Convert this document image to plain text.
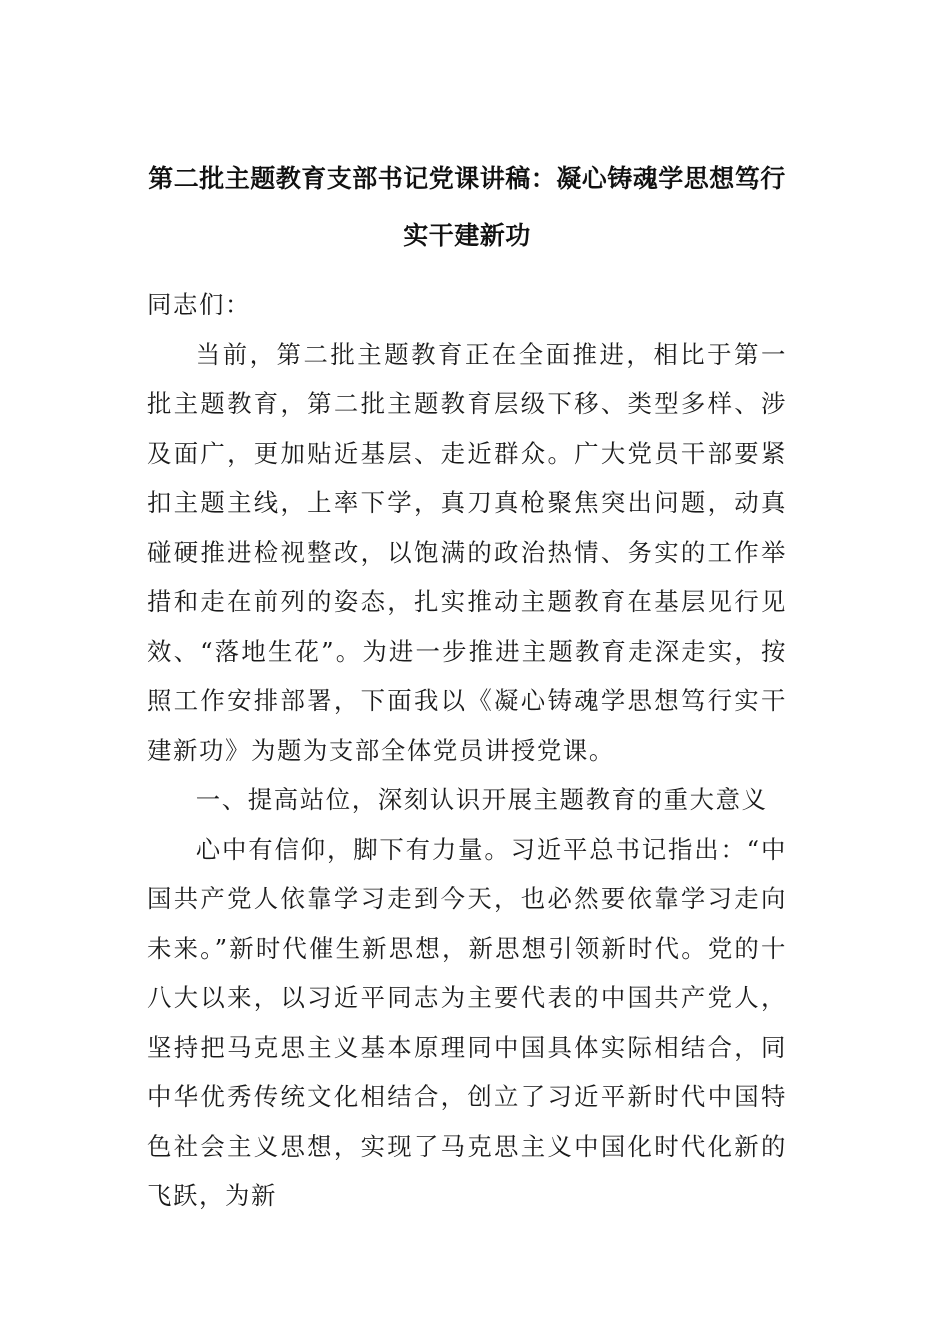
第二批主题教育支部书记党课讲稿：凝心铸魂学思想笃行实干建新功

同志们：

当前，第二批主题教育正在全面推进，相比于第一批主题教育，第二批主题教育层级下移、类型多样、涉及面广，更加贴近基层、走近群众。广大党员干部要紧扣主题主线，上率下学，真刀真枪聚焦突出问题，动真碰硬推进检视整改，以饱满的政治热情、务实的工作举措和走在前列的姿态，扎实推动主题教育在基层见行见效、“落地生花”。为进一步推进主题教育走深走实，按照工作安排部署，下面我以《凝心铸魂学思想笃行实干建新功》为题为支部全体党员讲授党课。

一、提高站位，深刻认识开展主题教育的重大意义

心中有信仰，脚下有力量。习近平总书记指出：“中国共产党人依靠学习走到今天，也必然要依靠学习走向未来。”新时代催生新思想，新思想引领新时代。党的十八大以来，以习近平同志为主要代表的中国共产党人，坚持把马克思主义基本原理同中国具体实际相结合，同中华优秀传统文化相结合，创立了习近平新时代中国特色社会主义思想，实现了马克思主义中国化时代化新的飞跃，为新
